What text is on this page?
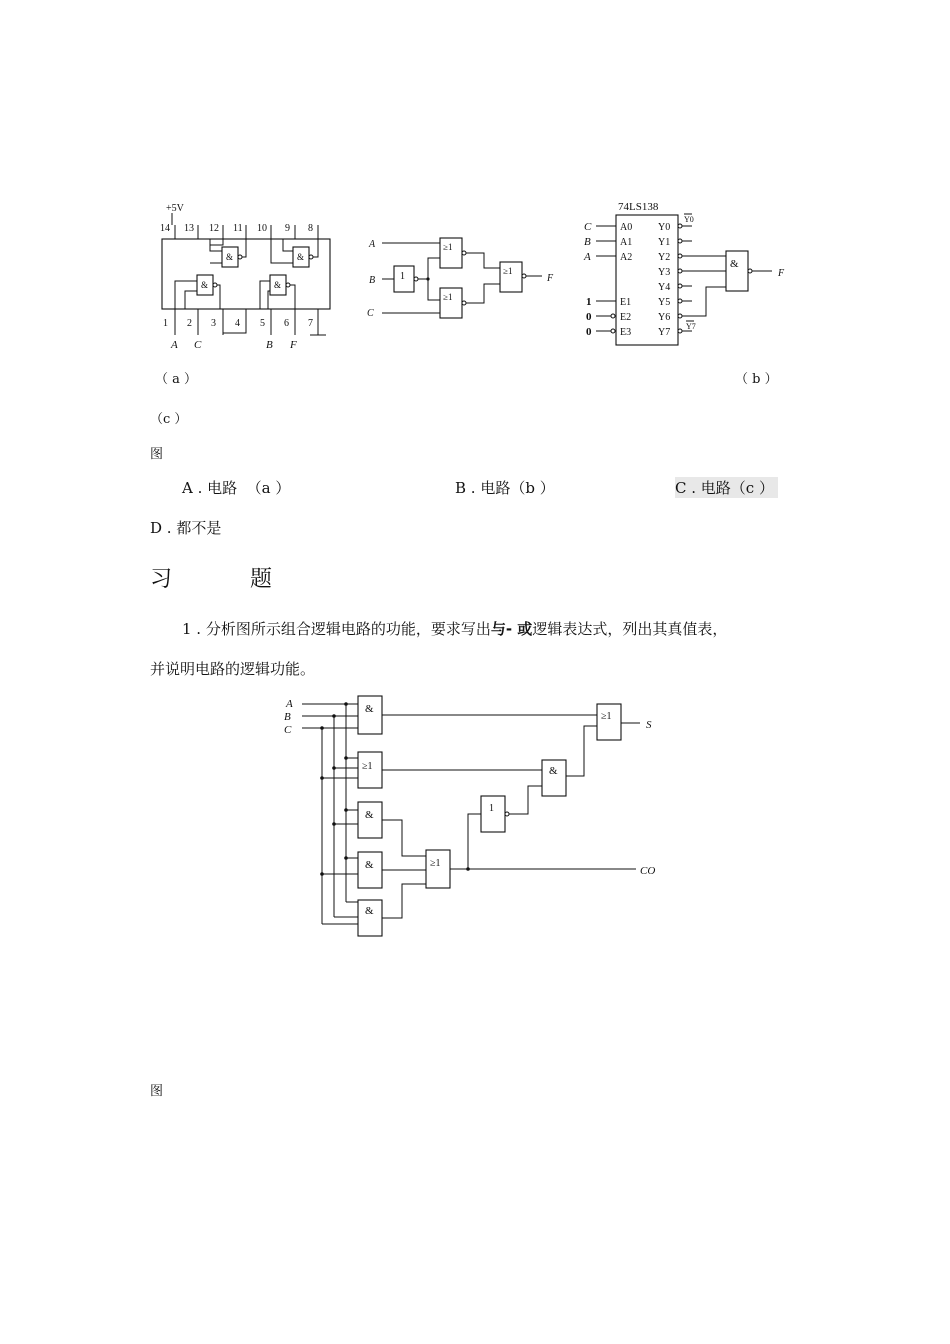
+5V
14 13 12 11 10 9 8
&	&
&	&
1 2 3 4 5 6 7
A C	B F
A
B
C
1
≥1
≥1
≥1
F
74LS138
C
B
A
1
0
0
A0
A1
A2
E1
E2
E3
Y0
Y1
Y2
Y3
Y4
Y5
Y6
Y7
Y0
Y7
&
F
（ a ）	（ b ）
（c ）
图
A . 电路  （a ）	B . 电路（b ）	C . 电路（c ）
D . 都不是
习	题
1 . 分析图所示组合逻辑电路的功能，要求写出与- 或逻辑表达式，列出其真值表，
并说明电路的逻辑功能。
A
B
C
&
≥1
&
&
&
≥1
CO
1
&
≥1
S
图
